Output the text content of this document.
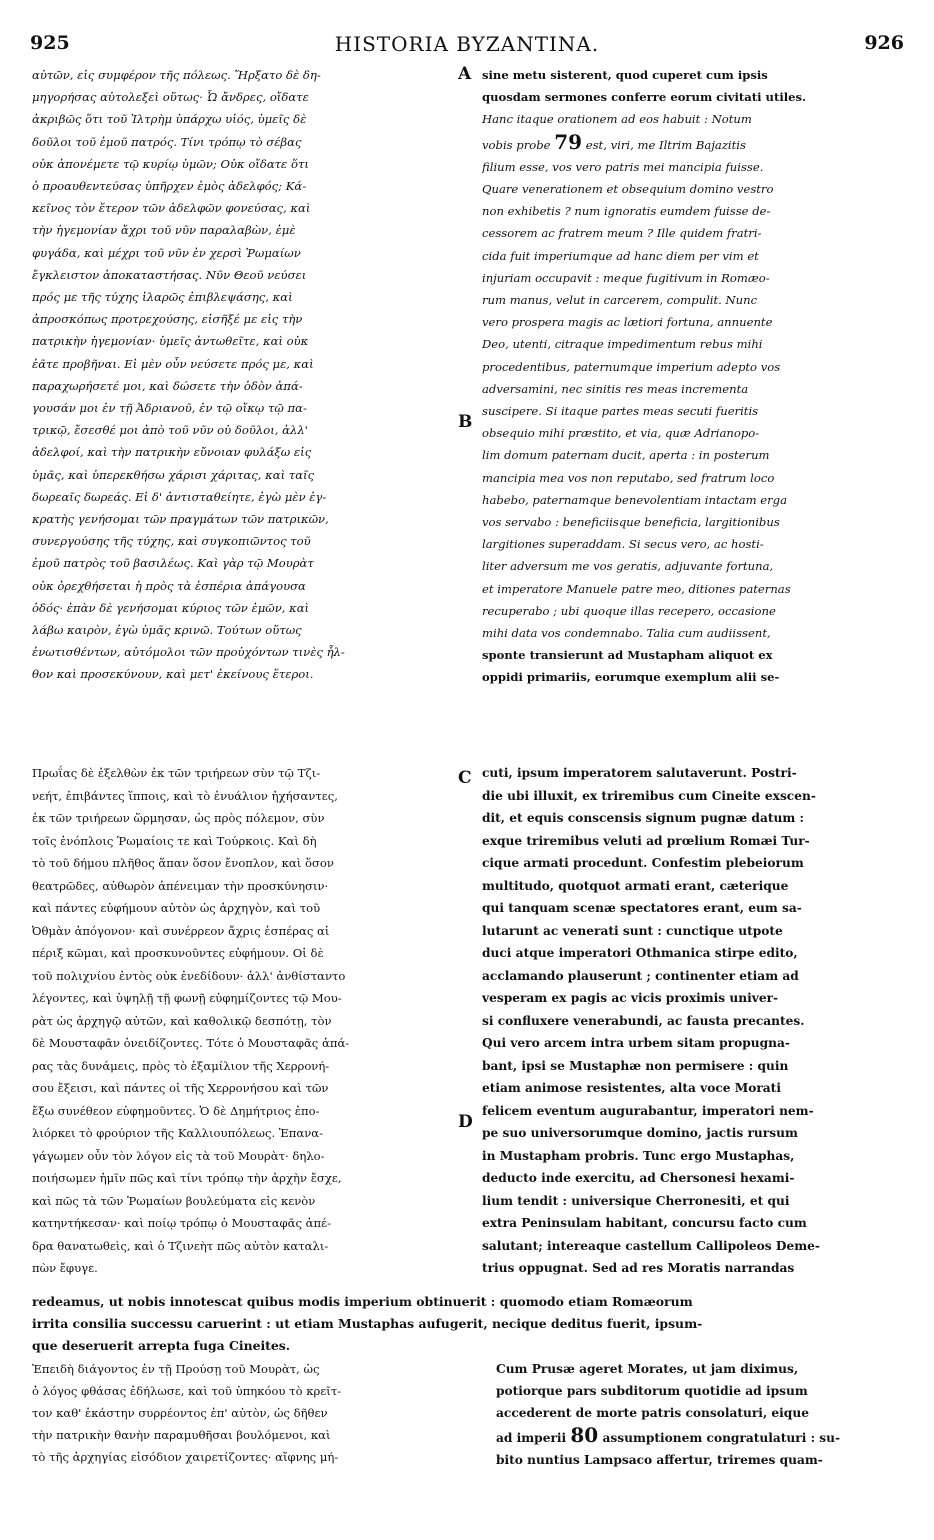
925	HISTORIA BYZANTINA.	926
A
B
C
D
αὐτῶν, εἰς συμφέρον τῆς πόλεως. Ἤρξατο δὲ δη-
μηγορήσας αὐτολεξεὶ οὕτως· Ὦ ἄνδρες, οἴδατε
ἀκριβῶς ὅτι τοῦ Ἰλτρὴμ ὑπάρχω υἱός, ὑμεῖς δὲ
δοῦλοι τοῦ ἐμοῦ πατρός. Τίνι τρόπῳ τὸ σέβας
οὐκ ἀπονέμετε τῷ κυρίῳ ὑμῶν; Οὐκ οἴδατε ὅτι
ὁ προαυθεντεύσας ὑπῆρχεν ἐμὸς ἀδελφός; Κά-
κεῖνος τὸν ἕτερον τῶν ἀδελφῶν φονεύσας, καὶ
τὴν ἡγεμονίαν ἄχρι τοῦ νῦν παραλαβὼν, ἐμὲ
φυγάδα, καὶ μέχρι τοῦ νῦν ἐν χερσὶ Ῥωμαίων
ἔγκλειστον ἀποκαταστήσας. Νῦν Θεοῦ νεύσει
πρός με τῆς τύχης ἱλαρῶς ἐπιβλεψάσης, καὶ
ἀπροσκόπως προτρεχούσης, εἰσῆξέ με εἰς τὴν
πατρικὴν ἡγεμονίαν· ὑμεῖς ἀντωθεῖτε, καὶ οὐκ
ἐᾶτε προβῆναι. Εἰ μὲν οὖν νεύσετε πρός με, καὶ
παραχωρήσετέ μοι, καὶ δώσετε τὴν ὁδὸν ἀπά-
γουσάν μοι ἐν τῇ Ἀδριανοῦ, ἐν τῷ οἴκῳ τῷ πα-
τρικῷ, ἔσεσθέ μοι ἀπὸ τοῦ νῦν οὐ δοῦλοι, ἀλλ'
ἀδελφοί, καὶ τὴν πατρικὴν εὔνοιαν φυλάξω εἰς
ὑμᾶς, καὶ ὑπερεκθήσω χάρισι χάριτας, καὶ ταῖς
δωρεαῖς δωρεάς. Εἰ δ' ἀντισταθείητε, ἐγὼ μὲν ἐγ-
κρατὴς γενήσομαι τῶν πραγμάτων τῶν πατρικῶν,
συνεργούσης τῆς τύχης, καὶ συγκοπιῶντος τοῦ
ἐμοῦ πατρὸς τοῦ βασιλέως. Καὶ γὰρ τῷ Μουρὰτ
οὐκ ὀρεχθήσεται ἡ πρὸς τὰ ἑσπέρια ἀπάγουσα
ὁδός· ἐπὰν δὲ γενήσομαι κύριος τῶν ἐμῶν, καὶ
λάβω καιρὸν, ἐγὼ ὑμᾶς κρινῶ. Τούτων οὕτως
ἐνωτισθέντων, αὐτόμολοι τῶν προὐχόντων τινὲς ἦλ-
θον καὶ προσεκύνουν, καὶ μετ' ἐκείνους ἕτεροι.
sine metu sisterent, quod cuperet cum ipsis
quosdam sermones conferre eorum civitati utiles.
Hanc itaque orationem ad eos habuit : Notum
vobis probe 79 est, viri, me Iltrim Bajazitis
filium esse, vos vero patris mei mancipia fuisse.
Quare venerationem et obsequium domino vestro
non exhibetis ? num ignoratis eumdem fuisse de-
cessorem ac fratrem meum ? Ille quidem fratri-
cida fuit imperiumque ad hanc diem per vim et
injuriam occupavit : meque fugitivum in Romæo-
rum manus, velut in carcerem, compulit. Nunc
vero prospera magis ac lætiori fortuna, annuente
Deo, utenti, citraque impedimentum rebus mihi
procedentibus, paternumque imperium adepto vos
adversamini, nec sinitis res meas incrementa
suscipere. Si itaque partes meas secuti fueritis
obsequio mihi præstito, et via, quæ Adrianopo-
lim domum paternam ducit, aperta : in posterum
mancipia mea vos non reputabo, sed fratrum loco
habebo, paternamque benevolentiam intactam erga
vos servabo : beneficiisque beneficia, largitionibus
largitiones superaddam. Si secus vero, ac hosti-
liter adversum me vos geratis, adjuvante fortuna,
et imperatore Manuele patre meo, ditiones paternas
recuperabo ; ubi quoque illas recepero, occasione
mihi data vos condemnabo. Talia cum audiissent,
sponte transierunt ad Mustapham aliquot ex
oppidi primariis, eorumque exemplum alii se-
Πρωΐας δὲ ἐξελθὼν ἐκ τῶν τριήρεων σὺν τῷ Τζι-
νεήτ, ἐπιβάντες ἵπποις, καὶ τὸ ἐνυάλιον ἠχήσαντες,
ἐκ τῶν τριήρεων ὥρμησαν, ὡς πρὸς πόλεμον, σὺν
τοῖς ἐνόπλοις Ῥωμαίοις τε καὶ Τούρκοις. Καὶ δὴ
τὸ τοῦ δήμου πλῆθος ἅπαν ὅσον ἔνοπλον, καὶ ὅσον
θεατρῶδες, αὐθωρὸν ἀπένειμαν τὴν προσκύνησιν·
καὶ πάντες εὐφήμουν αὐτὸν ὡς ἀρχηγὸν, καὶ τοῦ
Ὀθμὰν ἀπόγονον· καὶ συνέρρεον ἄχρις ἑσπέρας αἱ
πέριξ κῶμαι, καὶ προσκυνοῦντες εὐφήμουν. Οἱ δὲ
τοῦ πολιχνίου ἐντὸς οὐκ ἐνεδίδουν· ἀλλ' ἀνθίσταντο
λέγοντες, καὶ ὑψηλῇ τῇ φωνῇ εὐφημίζοντες τῷ Μου-
ρὰτ ὡς ἀρχηγῷ αὐτῶν, καὶ καθολικῷ δεσπότῃ, τὸν
δὲ Μουσταφᾶν ὀνειδίζοντες. Τότε ὁ Μουσταφᾶς ἀπά-
ρας τὰς δυνάμεις, πρὸς τὸ ἑξαμίλιον τῆς Χερρονή-
σου ἔξεισι, καὶ πάντες οἱ τῆς Χερρονήσου καὶ τῶν
ἔξω συνέθεον εὐφημοῦντες. Ὁ δὲ Δημήτριος ἐπο-
λιόρκει τὸ φρούριον τῆς Καλλιουπόλεως. Ἐπανα-
γάγωμεν οὖν τὸν λόγον εἰς τὰ τοῦ Μουρὰτ· δηλο-
ποιήσωμεν ἡμῖν πῶς καὶ τίνι τρόπῳ τὴν ἀρχὴν ἔσχε,
καὶ πῶς τὰ τῶν Ῥωμαίων βουλεύματα εἰς κενὸν
κατηντήκεσαν· καὶ ποίῳ τρόπῳ ὁ Μουσταφᾶς ἀπέ-
δρα θανατωθεὶς, καὶ ὁ Τζινεὴτ πῶς αὐτὸν καταλι-
πὼν ἔφυγε.
cuti, ipsum imperatorem salutaverunt. Postri-
die ubi illuxit, ex triremibus cum Cineite exscen-
dit, et equis conscensis signum pugnæ datum :
exque triremibus veluti ad prœlium Romæi Tur-
cique armati procedunt. Confestim plebeiorum
multitudo, quotquot armati erant, cæterique
qui tanquam scenæ spectatores erant, eum sa-
lutarunt ac venerati sunt : cunctique utpote
duci atque imperatori Othmanica stirpe edito,
acclamando plauserunt ; continenter etiam ad
vesperam ex pagis ac vicis proximis univer-
si confluxere venerabundi, ac fausta precantes.
Qui vero arcem intra urbem sitam propugna-
bant, ipsi se Mustaphæ non permisere : quin
etiam animose resistentes, alta voce Morati
felicem eventum augurabantur, imperatori nem-
pe suo universorumque domino, jactis rursum
in Mustapham probris. Tunc ergo Mustaphas,
deducto inde exercitu, ad Chersonesi hexami-
lium tendit : universique Cherronesiti, et qui
extra Peninsulam habitant, concursu facto cum
salutant; intereaque castellum Callipoleos Deme-
trius oppugnat. Sed ad res Moratis narrandas
redeamus, ut nobis innotescat quibus modis imperium obtinuerit : quomodo etiam Romæorum
irrita consilia successu caruerint : ut etiam Mustaphas aufugerit, necique deditus fuerit, ipsum-
que deseruerit arrepta fuga Cineites.
Ἐπειδὴ διάγοντος ἐν τῇ Προύσῃ τοῦ Μουρὰτ, ὡς
ὁ λόγος φθάσας ἐδήλωσε, καὶ τοῦ ὑπηκόου τὸ κρεῖτ-
τον καθ' ἑκάστην συρρέοντος ἐπ' αὐτὸν, ὡς δῆθεν
τὴν πατρικὴν θανὴν παραμυθῆσαι βουλόμενοι, καὶ
τὸ τῆς ἀρχηγίας εἰσόδιον χαιρετίζοντες· αἴφνης μή-
Cum Prusæ ageret Morates, ut jam diximus,
potiorque pars subditorum quotidie ad ipsum
accederent de morte patris consolaturi, eique
ad imperii 80 assumptionem congratulaturi : su-
bito nuntius Lampsaco affertur, triremes quam-
